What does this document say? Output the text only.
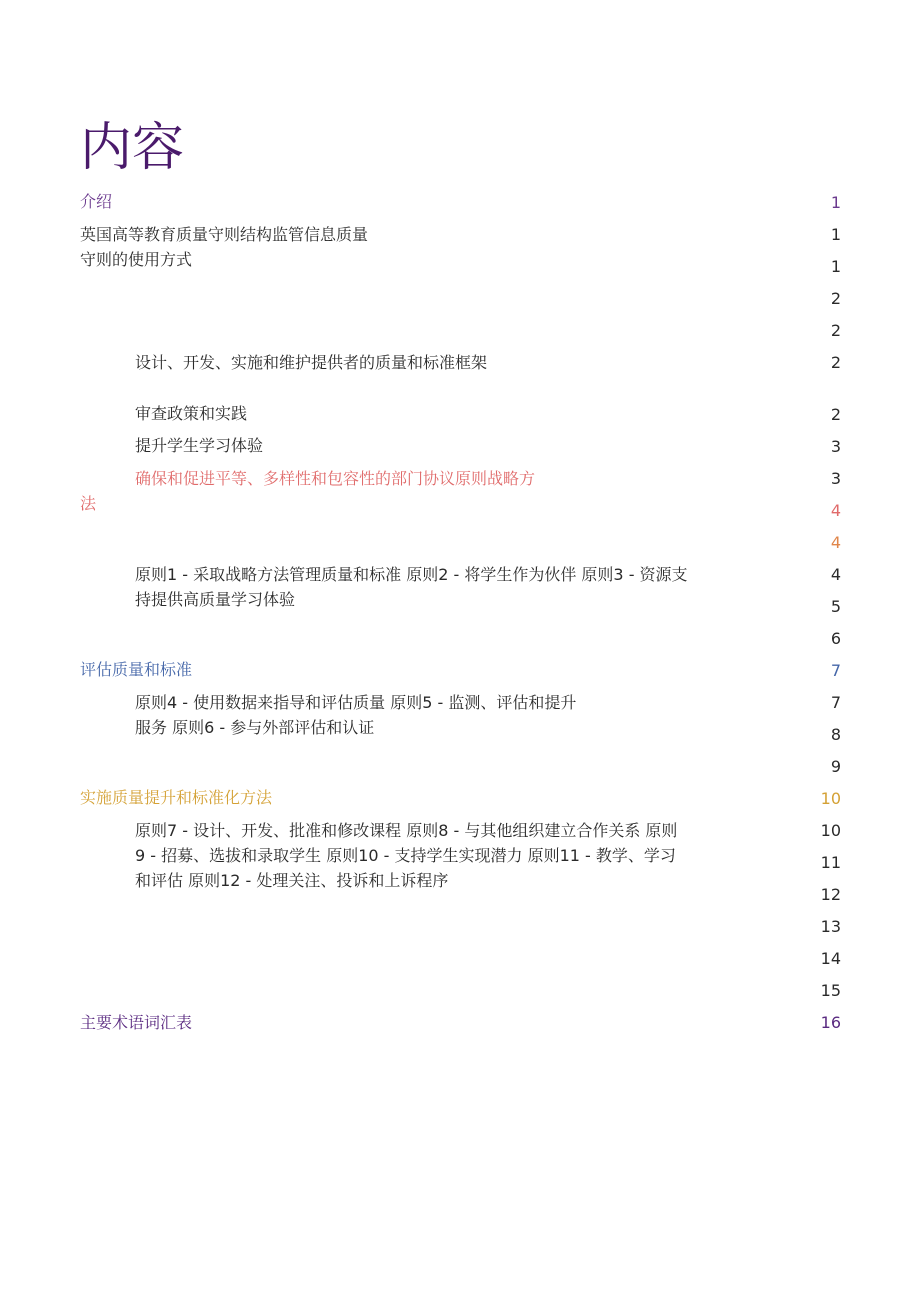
内容

介绍

英国高等教育质量守则结构监管信息质量
守则的使用方式

设计、开发、实施和维护提供者的质量和标准框架

审查政策和实践

提升学生学习体验

确保和促进平等、多样性和包容性的部门协议原则战略方

法

原则1 - 采取战略方法管理质量和标准 原则2 - 将学生作为伙伴 原则3 - 资源支
持提供高质量学习体验

评估质量和标准

原则4 - 使用数据来指导和评估质量 原则5 - 监测、评估和提升
服务 原则6 - 参与外部评估和认证

实施质量提升和标准化方法

原则7 - 设计、开发、批准和修改课程 原则8 - 与其他组织建立合作关系 原则
9 - 招募、选拔和录取学生 原则10 - 支持学生实现潜力 原则11 - 教学、学习
和评估 原则12 - 处理关注、投诉和上诉程序

主要术语词汇表

1

1

1

2

2

2

2

3

3

4

4

4

5

6

7

7

8

9

10

10

11

12

13

14

15

16
